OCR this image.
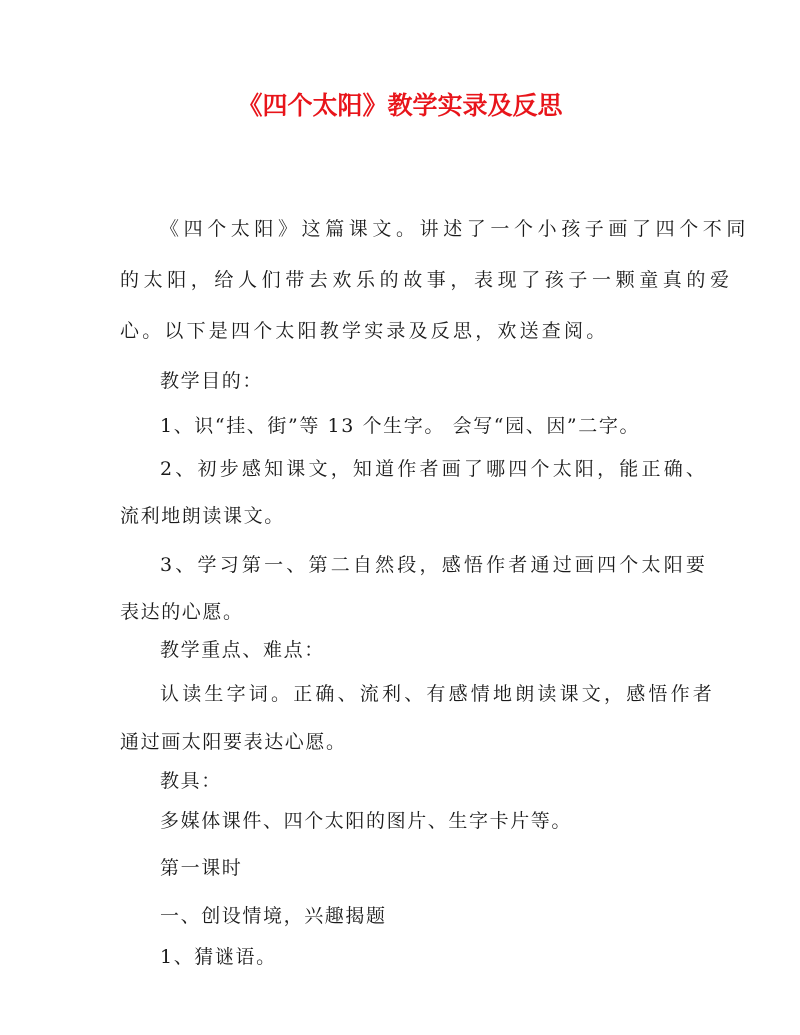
《四个太阳》教学实录及反思
《四个太阳》这篇课文。讲述了一个小孩子画了四个不同
的太阳，给人们带去欢乐的故事，表现了孩子一颗童真的爱
心。以下是四个太阳教学实录及反思，欢送查阅。
教学目的：
1、识“挂、街”等 13 个生字。 会写“园、因”二字。
2、初步感知课文，知道作者画了哪四个太阳，能正确、
流利地朗读课文。
3、学习第一、第二自然段，感悟作者通过画四个太阳要
表达的心愿。
教学重点、难点：
认读生字词。正确、流利、有感情地朗读课文，感悟作者
通过画太阳要表达心愿。
教具：
多媒体课件、四个太阳的图片、生字卡片等。
第一课时
一、创设情境，兴趣揭题
1、猜谜语。
